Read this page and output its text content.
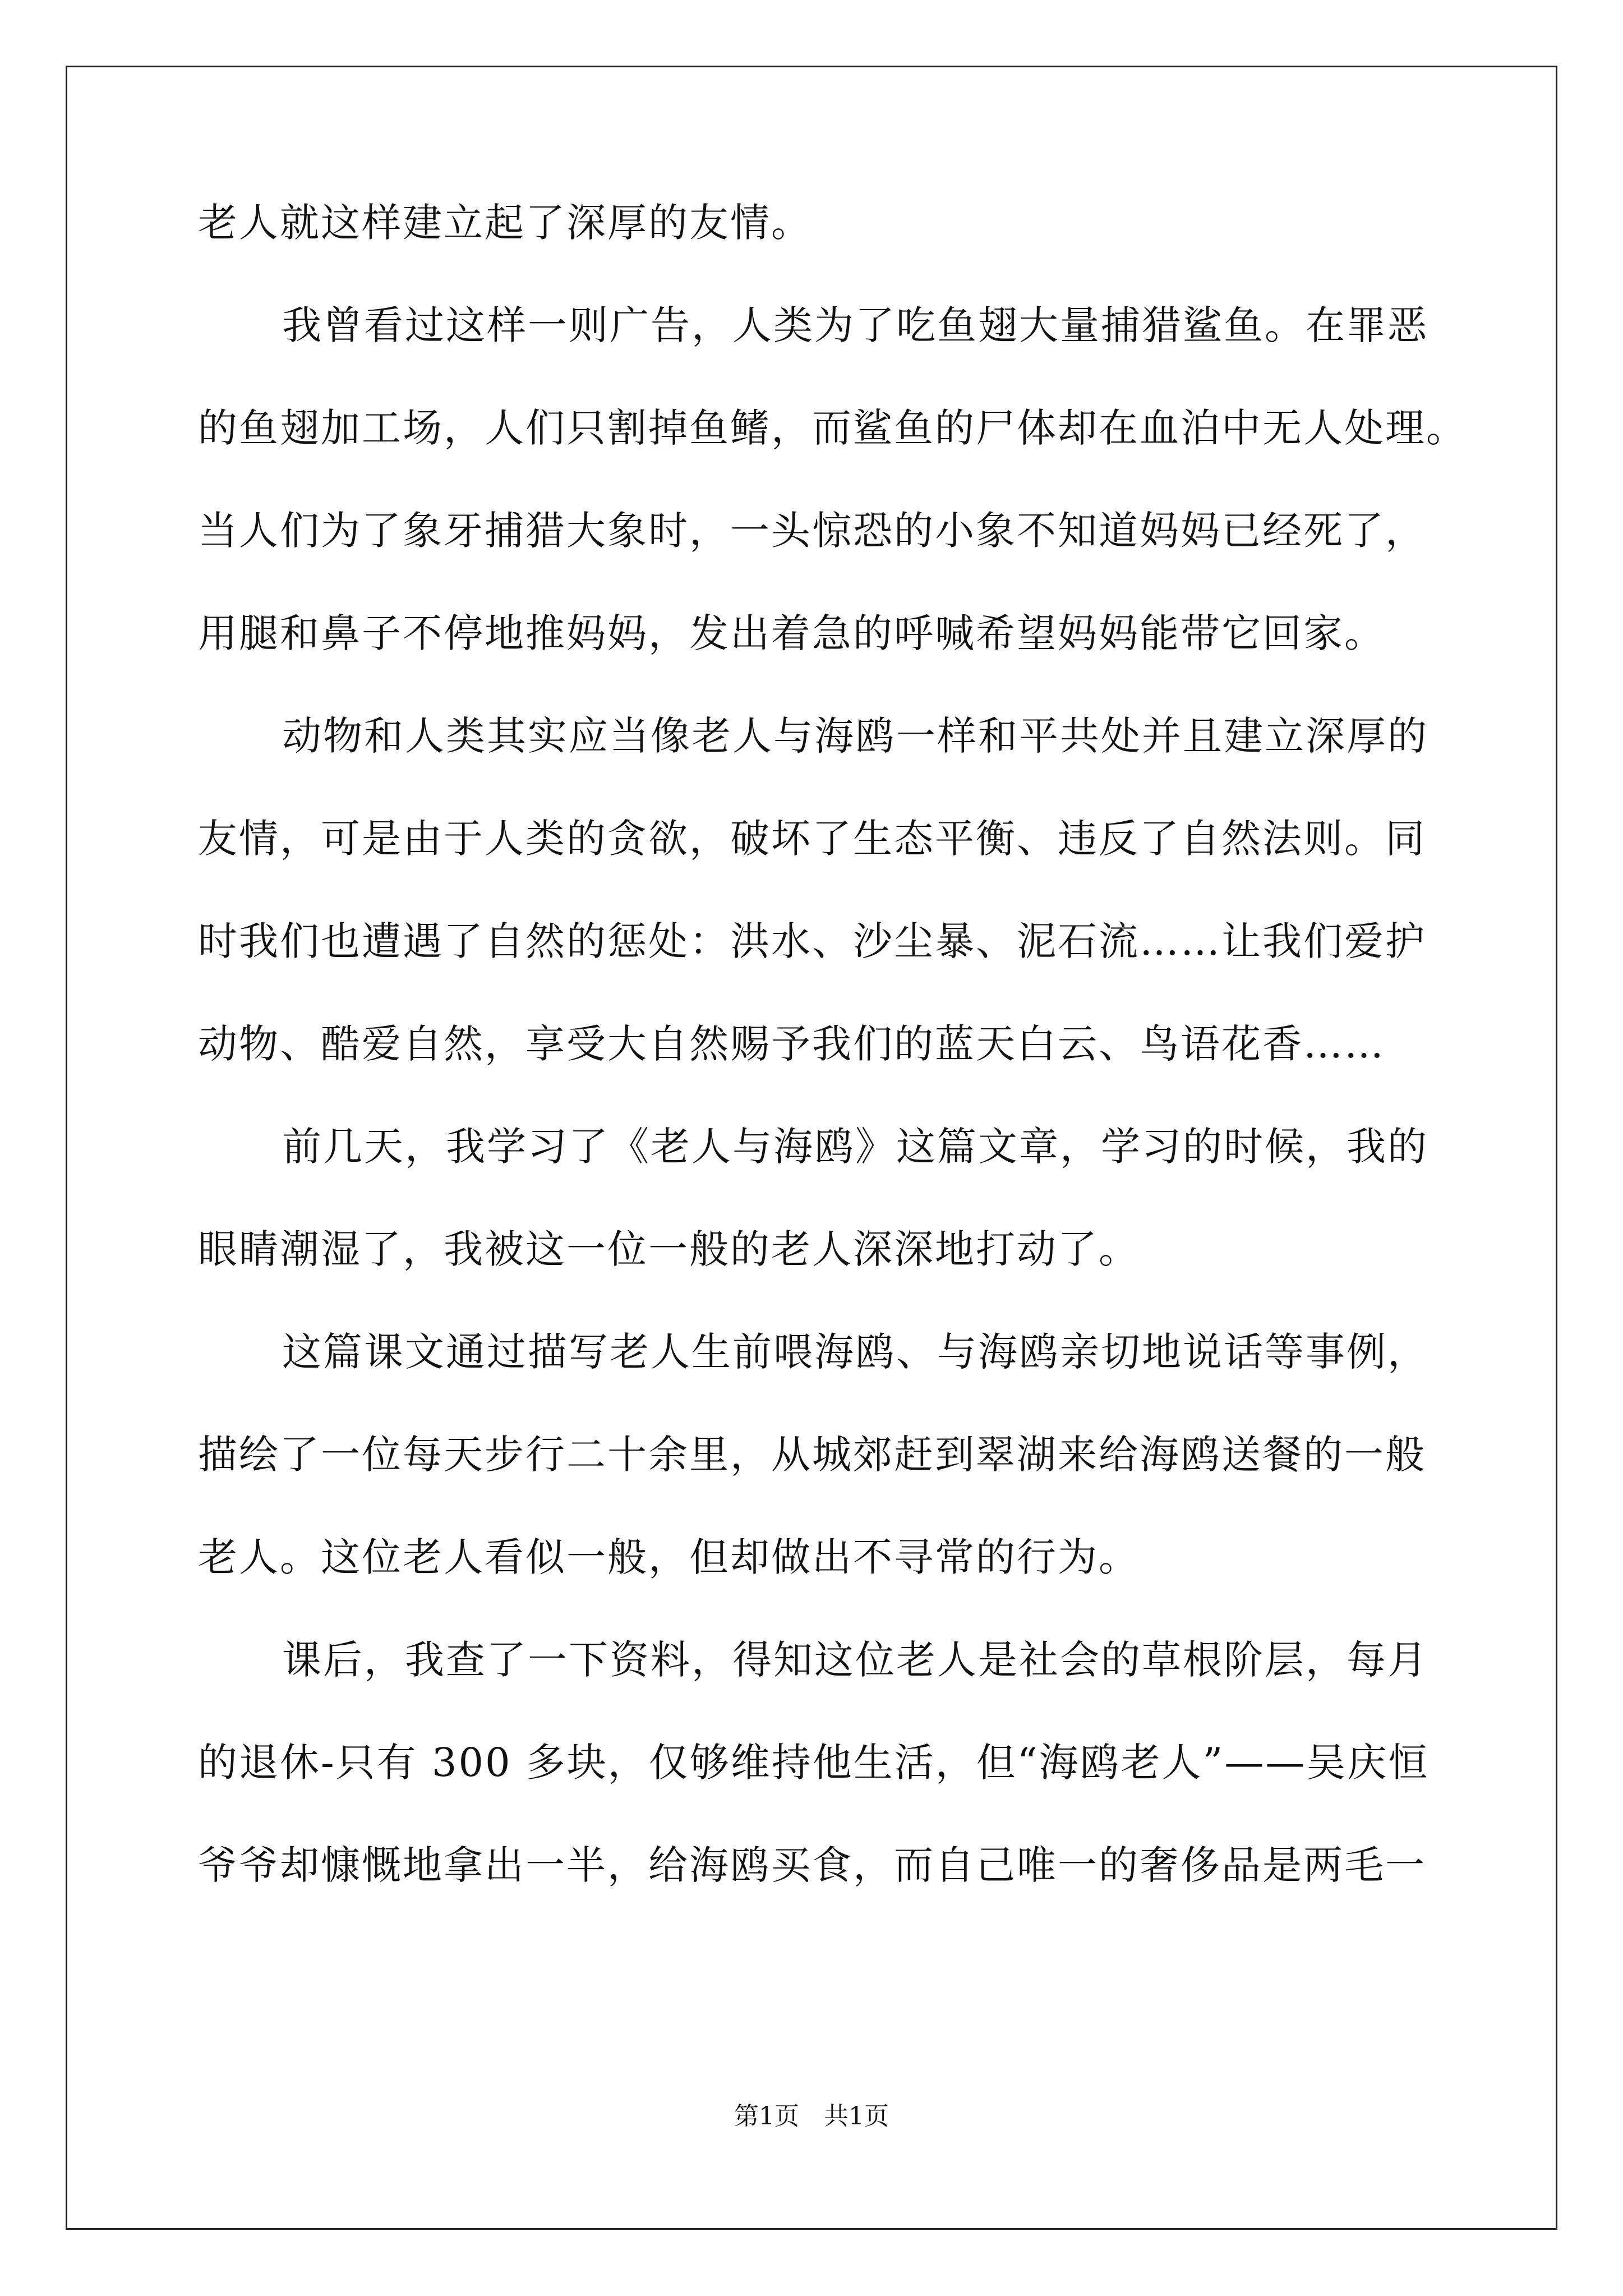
老人就这样建立起了深厚的友情。
我曾看过这样一则广告，人类为了吃鱼翅大量捕猎鲨鱼。在罪恶
的鱼翅加工场，人们只割掉鱼鳍，而鲨鱼的尸体却在血泊中无人处理。
当人们为了象牙捕猎大象时，一头惊恐的小象不知道妈妈已经死了，
用腿和鼻子不停地推妈妈，发出着急的呼喊希望妈妈能带它回家。
动物和人类其实应当像老人与海鸥一样和平共处并且建立深厚的
友情，可是由于人类的贪欲，破坏了生态平衡、违反了自然法则。同
时我们也遭遇了自然的惩处：洪水、沙尘暴、泥石流……让我们爱护
动物、酷爱自然，享受大自然赐予我们的蓝天白云、鸟语花香……
前几天，我学习了《老人与海鸥》这篇文章，学习的时候，我的
眼睛潮湿了，我被这一位一般的老人深深地打动了。
这篇课文通过描写老人生前喂海鸥、与海鸥亲切地说话等事例，
描绘了一位每天步行二十余里，从城郊赶到翠湖来给海鸥送餐的一般
老人。这位老人看似一般，但却做出不寻常的行为。
课后，我查了一下资料，得知这位老人是社会的草根阶层，每月
的退休-只有 300 多块，仅够维持他生活，但“海鸥老人”——吴庆恒
爷爷却慷慨地拿出一半，给海鸥买食，而自己唯一的奢侈品是两毛一
第1页 共1页
